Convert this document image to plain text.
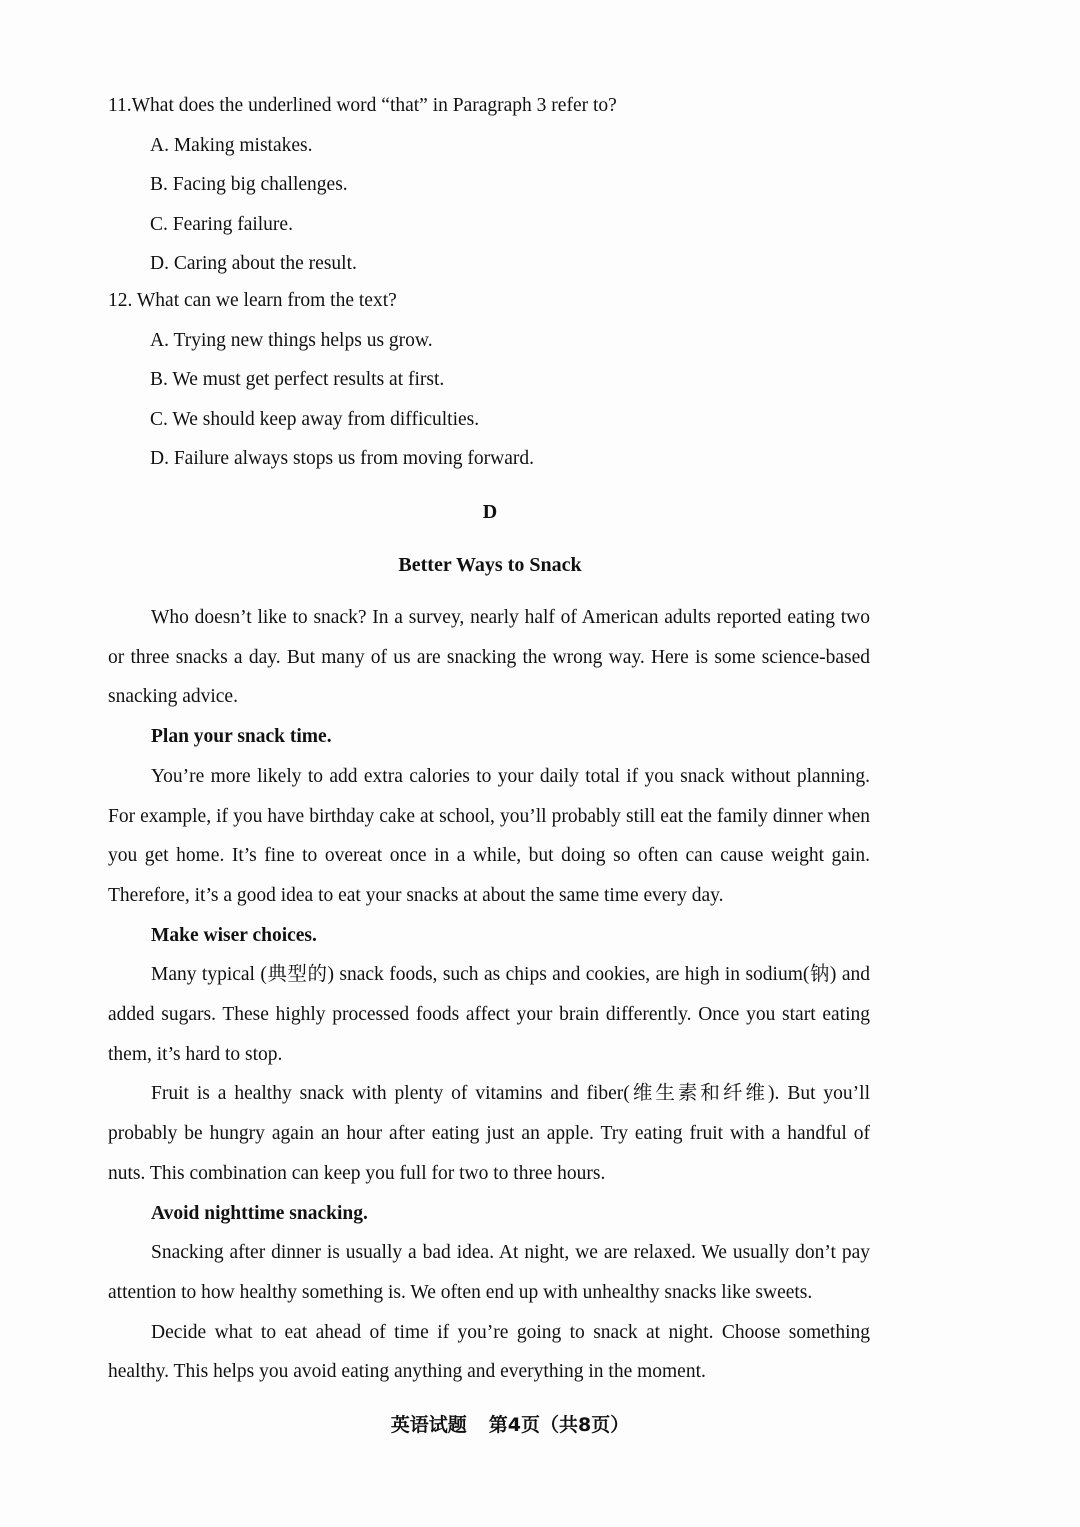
11.What does the underlined word “that” in Paragraph 3 refer to?

A. Making mistakes.

B. Facing big challenges.

C. Fearing failure.

D. Caring about the result.

12. What can we learn from the text?

A. Trying new things helps us grow.

B. We must get perfect results at first.

C. We should keep away from difficulties.

D. Failure always stops us from moving forward.

D
Better Ways to Snack

Who doesn’t like to snack? In a survey, nearly half of American adults reported eating two or three snacks a day. But many of us are snacking the wrong way. Here is some science-based snacking advice.

Plan your snack time.

You’re more likely to add extra calories to your daily total if you snack without planning. For example, if you have birthday cake at school, you’ll probably still eat the family dinner when you get home. It’s fine to overeat once in a while, but doing so often can cause weight gain. Therefore, it’s a good idea to eat your snacks at about the same time every day.

Make wiser choices.

Many typical (典型的) snack foods, such as chips and cookies, are high in sodium(钠) and added sugars. These highly processed foods affect your brain differently. Once you start eating them, it’s hard to stop.

Fruit is a healthy snack with plenty of vitamins and fiber(维生素和纤维). But you’ll probably be hungry again an hour after eating just an apple. Try eating fruit with a handful of nuts. This combination can keep you full for two to three hours.

Avoid nighttime snacking.

Snacking after dinner is usually a bad idea. At night, we are relaxed. We usually don’t pay attention to how healthy something is. We often end up with unhealthy snacks like sweets.

Decide what to eat ahead of time if you’re going to snack at night. Choose something healthy. This helps you avoid eating anything and everything in the moment.

英语试题 第4页（共8页）
